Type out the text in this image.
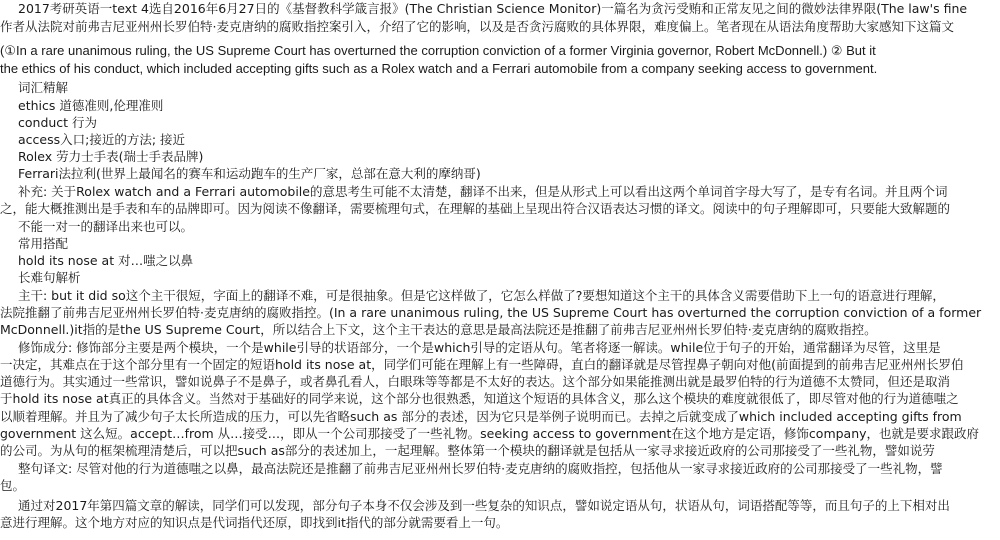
2017考研英语一text 4选自2016年6月27日的《基督教科学箴言报》(The Christian Science Monitor)一篇名为贪污受贿和正常友见之间的微妙法律界限(The law's fine
作者从法院对前弗吉尼亚州州长罗伯特·麦克唐纳的腐败指控案引入，介绍了它的影响，以及是否贪污腐败的具体界限，难度偏上。笔者现在从语法角度帮助大家感知下这篇文
(①In a rare unanimous ruling, the US Supreme Court has overturned the corruption conviction of a former Virginia governor, Robert McDonnell.) ② But it
the ethics of his conduct, which included accepting gifts such as a Rolex watch and a Ferrari automobile from a company seeking access to government.
词汇精解
ethics 道德准则,伦理准则
conduct 行为
access入口;接近的方法; 接近
Rolex 劳力士手表(瑞士手表品牌)
Ferrari法拉利(世界上最闻名的赛车和运动跑车的生产厂家，总部在意大利的摩纳哥)
补充: 关于Rolex watch and a Ferrari automobile的意思考生可能不太清楚，翻译不出来，但是从形式上可以看出这两个单词首字母大写了，是专有名词。并且两个词
之，能大概推测出是手表和车的品牌即可。因为阅读不像翻译，需要梳理句式，在理解的基础上呈现出符合汉语表达习惯的译文。阅读中的句子理解即可，只要能大致解题的
不能一对一的翻译出来也可以。
常用搭配
hold its nose at 对…嗤之以鼻
长难句解析
主干: but it did so这个主干很短，字面上的翻译不难，可是很抽象。但是它这样做了，它怎么样做了?要想知道这个主干的具体含义需要借助下上一句的语意进行理解，
法院推翻了前弗吉尼亚州州长罗伯特·麦克唐纳的腐败指控。(In a rare unanimous ruling, the US Supreme Court has overturned the corruption conviction of a former
McDonnell.)it指的是the US Supreme Court，所以结合上下文，这个主干表达的意思是最高法院还是推翻了前弗吉尼亚州州长罗伯特·麦克唐纳的腐败指控。
修饰成分: 修饰部分主要是两个模块，一个是while引导的状语部分，一个是which引导的定语从句。笔者将逐一解读。while位于句子的开始，通常翻译为尽管，这里是
一决定，其难点在于这个部分里有一个固定的短语hold its nose at，同学们可能在理解上有一些障碍，直白的翻译就是尽管捏鼻子朝向对他(前面提到的前弗吉尼亚州州长罗伯
道德行为。其实通过一些常识，譬如说鼻子不是鼻子，或者鼻孔看人，白眼珠等等都是不太好的表达。这个部分如果能推测出就是最罗伯特的行为道德不太赞同，但还是取消
于hold its nose at真正的具体含义。当然对于基础好的同学来说，这个部分也很熟悉，知道这个短语的具体含义，那么这个模块的难度就很低了，即尽管对他的行为道德嗤之
以顺着理解。并且为了减少句子太长所造成的压力，可以先省略such as 部分的表述，因为它只是举例子说明而已。去掉之后就变成了which included accepting gifts from
government 这么短。accept…from 从…接受…，即从一个公司那接受了一些礼物。seeking access to government在这个地方是定语，修饰company，也就是要求跟政府
的公司。为从句的框架梳理清楚后，可以把such as部分的表述加上，一起理解。整体第一个模块的翻译就是包括从一家寻求接近政府的公司那接受了一些礼物，譬如说劳
整句译文: 尽管对他的行为道德嗤之以鼻，最高法院还是推翻了前弗吉尼亚州州长罗伯特·麦克唐纳的腐败指控，包括他从一家寻求接近政府的公司那接受了一些礼物，譬
包。
通过对2017年第四篇文章的解读，同学们可以发现，部分句子本身不仅会涉及到一些复杂的知识点，譬如说定语从句，状语从句，词语搭配等等，而且句子的上下相对出
意进行理解。这个地方对应的知识点是代词指代还原，即找到it指代的部分就需要看上一句。
